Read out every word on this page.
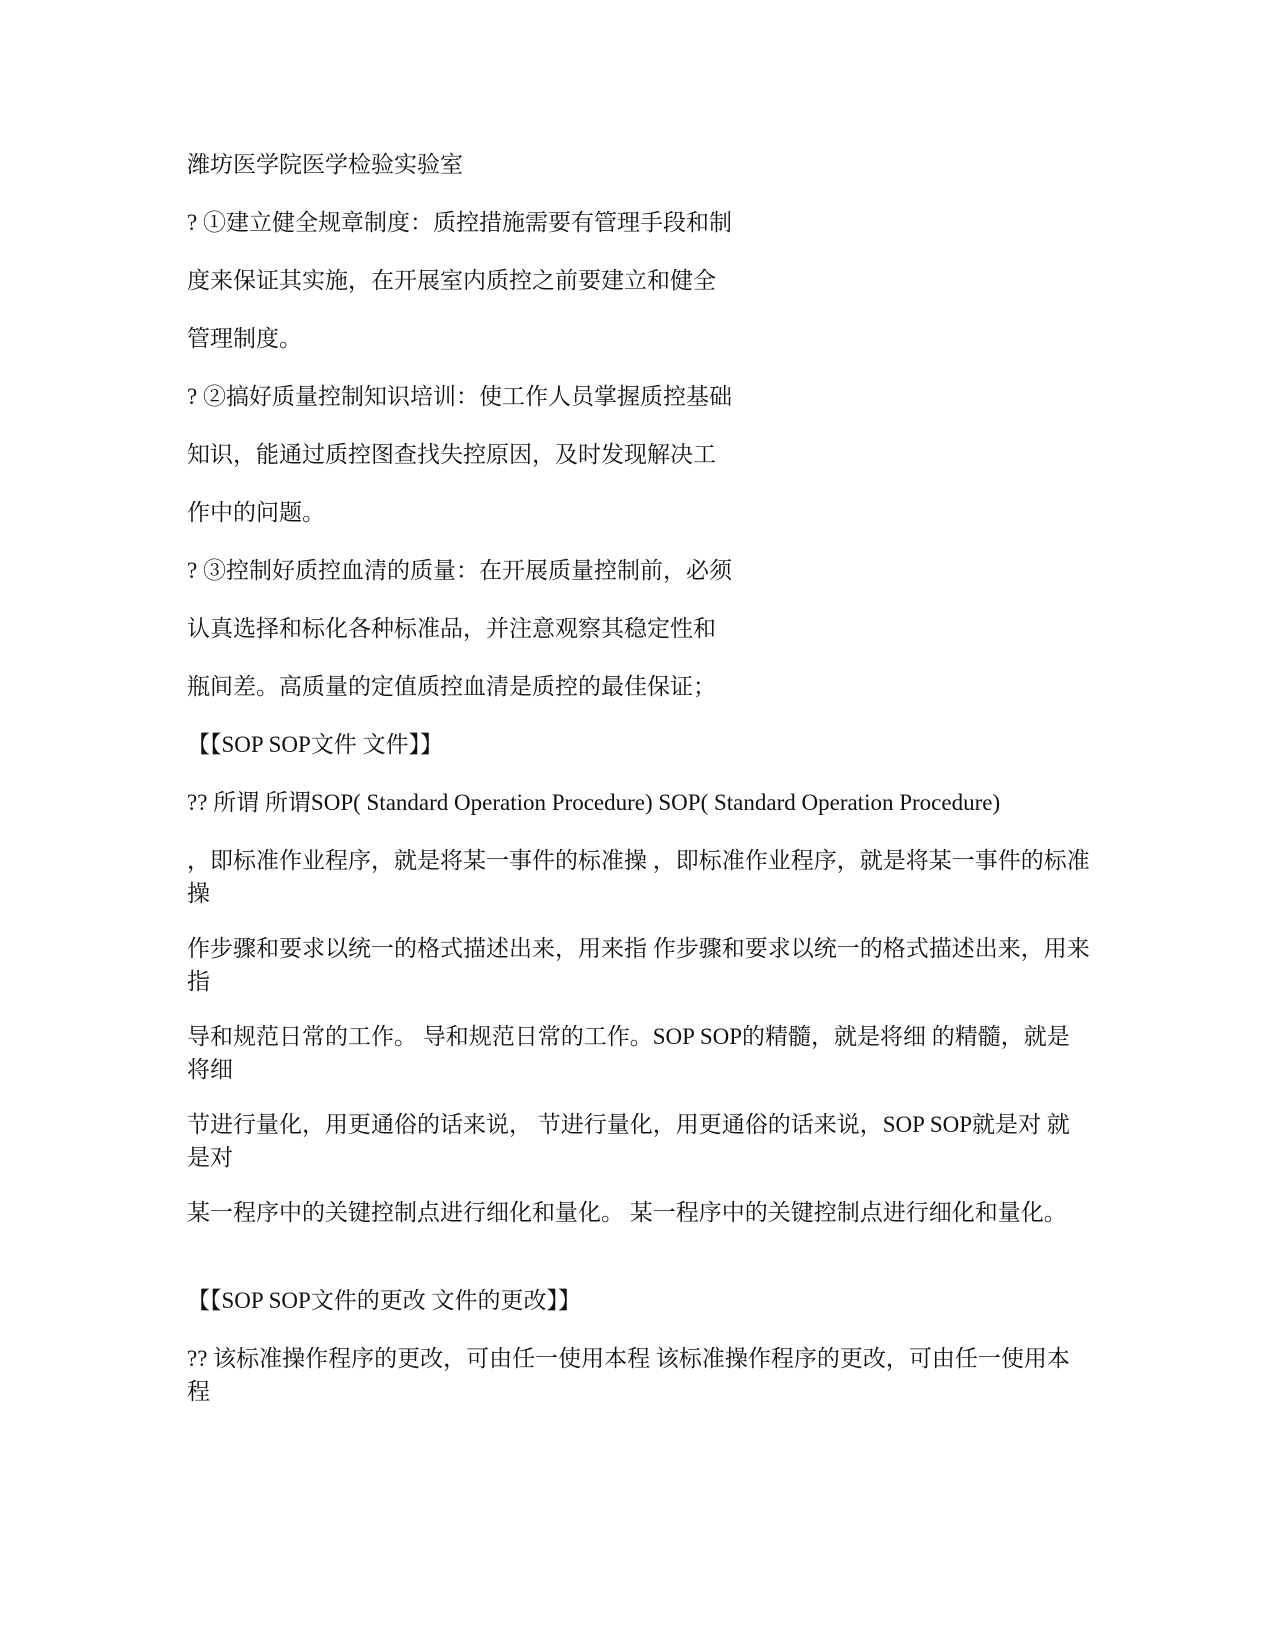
潍坊医学院医学检验实验室

? ①建立健全规章制度：质控措施需要有管理手段和制

度来保证其实施，在开展室内质控之前要建立和健全

管理制度。

? ②搞好质量控制知识培训：使工作人员掌握质控基础

知识，能通过质控图查找失控原因，及时发现解决工

作中的问题。

? ③控制好质控血清的质量：在开展质量控制前，必须

认真选择和标化各种标准品，并注意观察其稳定性和

瓶间差。高质量的定值质控血清是质控的最佳保证；

【【SOP SOP文件 文件】】

?? 所谓 所谓SOP( Standard Operation Procedure) SOP( Standard Operation Procedure)

，即标准作业程序，就是将某一事件的标准操 ，即标准作业程序，就是将某一事件的标准操

作步骤和要求以统一的格式描述出来，用来指 作步骤和要求以统一的格式描述出来，用来指

导和规范日常的工作。 导和规范日常的工作。SOP SOP的精髓，就是将细 的精髓，就是将细

节进行量化，用更通俗的话来说， 节进行量化，用更通俗的话来说，SOP SOP就是对 就是对

某一程序中的关键控制点进行细化和量化。 某一程序中的关键控制点进行细化和量化。

【【SOP SOP文件的更改 文件的更改】】

?? 该标准操作程序的更改，可由任一使用本程 该标准操作程序的更改，可由任一使用本程
